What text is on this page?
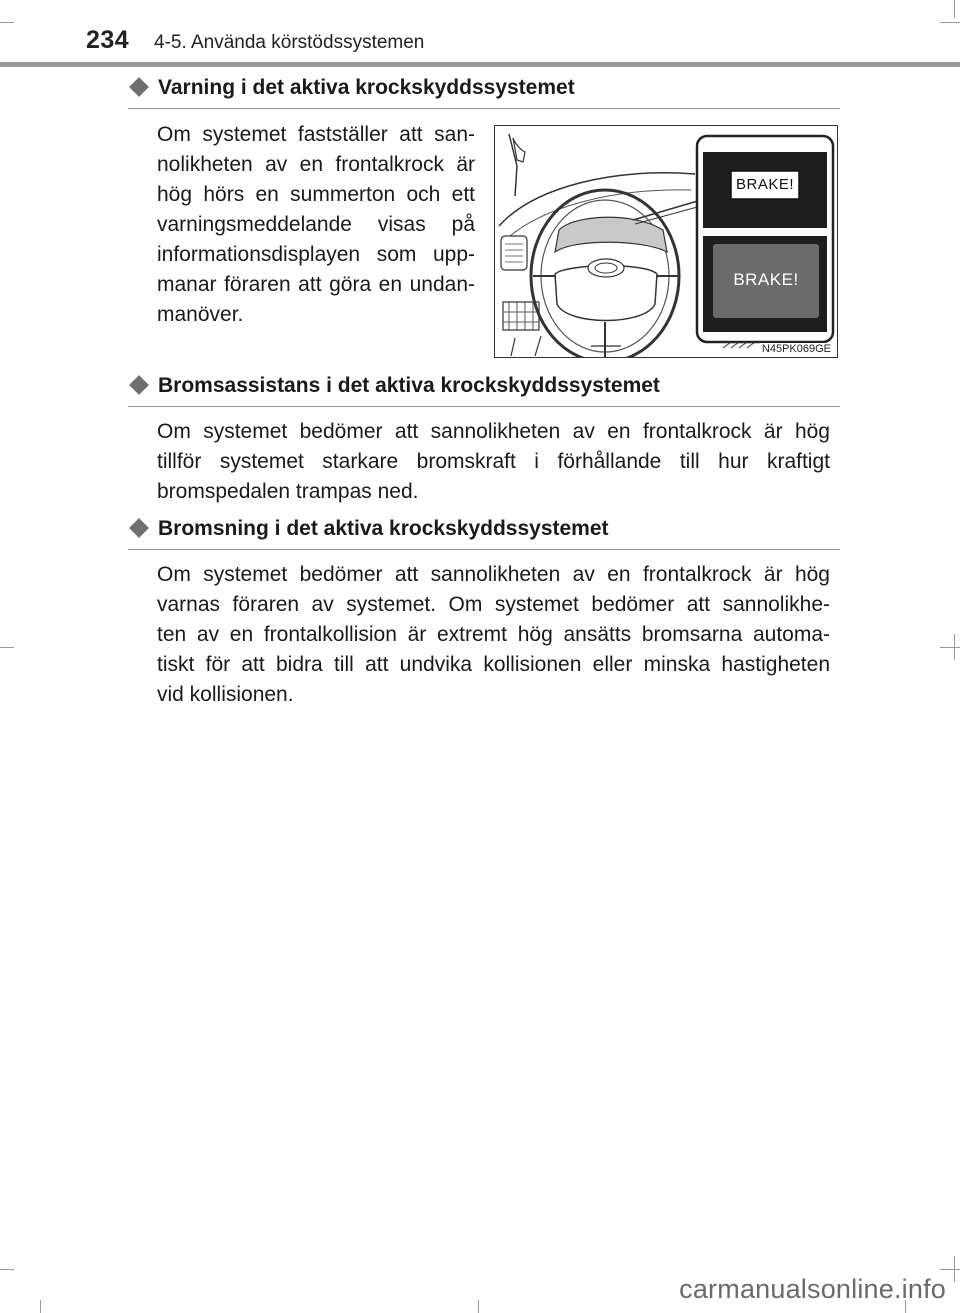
234 4-5. Använda körstödssystemen
Varning i det aktiva krockskyddssystemet
Om systemet fastställer att san-
nolikheten av en frontalkrock är
hög hörs en summerton och ett
varningsmeddelande visas på
informationsdisplayen som upp-
manar föraren att göra en undan-
manöver.
BRAKE!
BRAKE!
N45PK069GE
Bromsassistans i det aktiva krockskyddssystemet
Om systemet bedömer att sannolikheten av en frontalkrock är hög
tillför systemet starkare bromskraft i förhållande till hur kraftigt
bromspedalen trampas ned.
Bromsning i det aktiva krockskyddssystemet
Om systemet bedömer att sannolikheten av en frontalkrock är hög
varnas föraren av systemet. Om systemet bedömer att sannolikhe-
ten av en frontalkollision är extremt hög ansätts bromsarna automa-
tiskt för att bidra till att undvika kollisionen eller minska hastigheten
vid kollisionen.
carmanualsonline.info
